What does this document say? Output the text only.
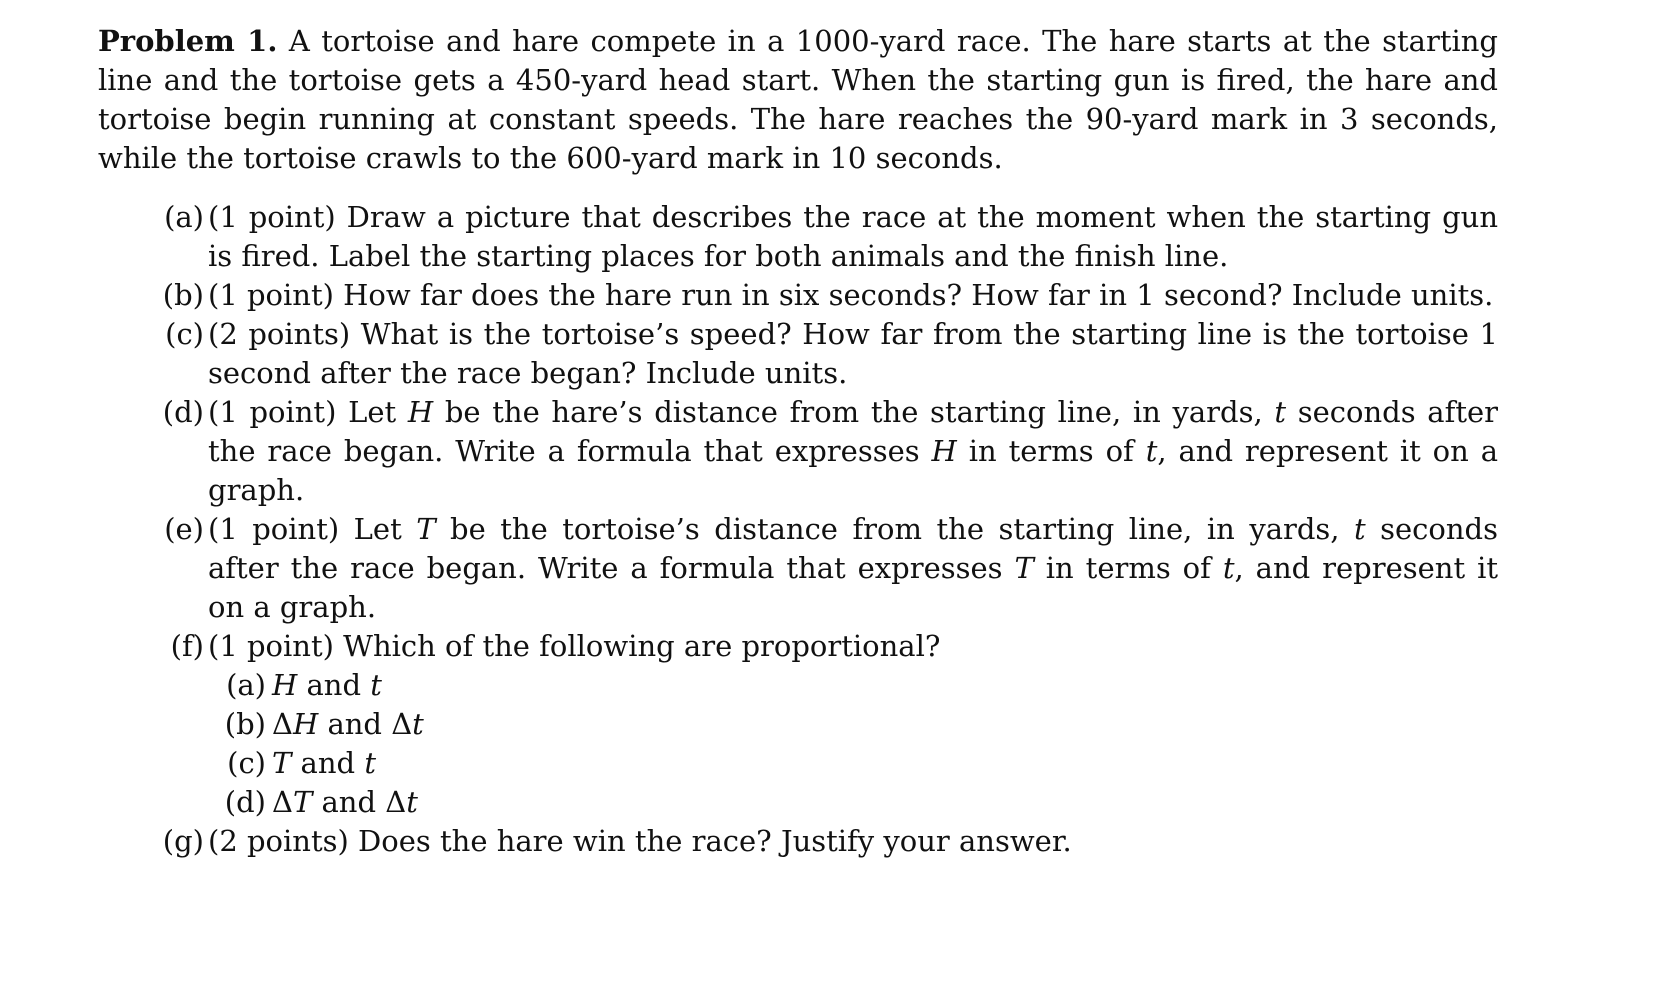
Problem 1. A tortoise and hare compete in a 1000-yard race. The hare starts at the starting line and the tortoise gets a 450-yard head start. When the starting gun is fired, the hare and tortoise begin running at constant speeds. The hare reaches the 90-yard mark in 3 seconds, while the tortoise crawls to the 600-yard mark in 10 seconds.

(a) (1 point) Draw a picture that describes the race at the moment when the starting gun is fired. Label the starting places for both animals and the finish line.
(b) (1 point) How far does the hare run in six seconds? How far in 1 second? Include units.
(c) (2 points) What is the tortoise’s speed? How far from the starting line is the tortoise 1 second after the race began? Include units.
(d) (1 point) Let H be the hare’s distance from the starting line, in yards, t seconds after the race began. Write a formula that expresses H in terms of t, and represent it on a graph.
(e) (1 point) Let T be the tortoise’s distance from the starting line, in yards, t seconds after the race began. Write a formula that expresses T in terms of t, and represent it on a graph.
(f) (1 point) Which of the following are proportional?
(a) H and t
(b) ΔH and Δt
(c) T and t
(d) ΔT and Δt
(g) (2 points) Does the hare win the race? Justify your answer.
